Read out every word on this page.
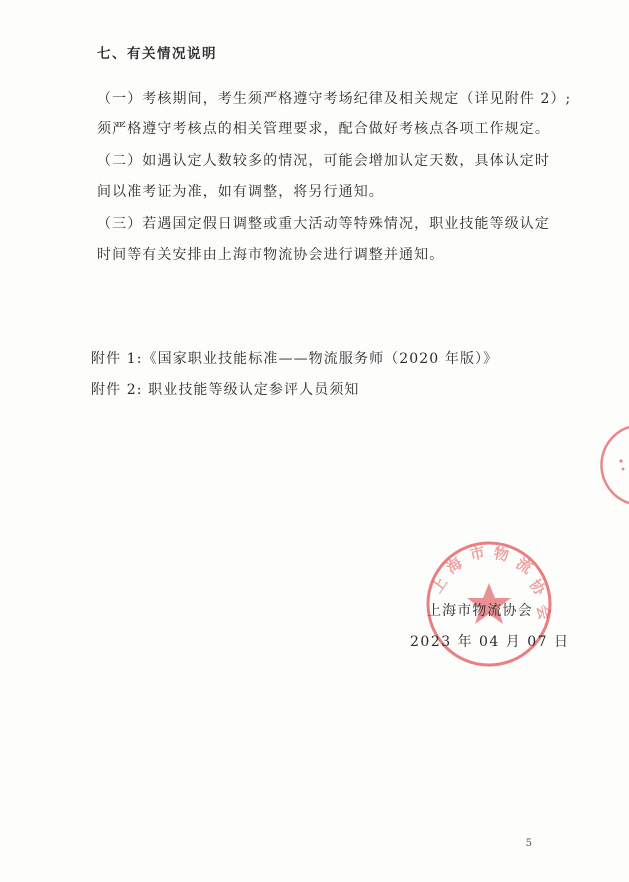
七、有关情况说明
（一）考核期间，考生须严格遵守考场纪律及相关规定（详见附件 2）;
须严格遵守考核点的相关管理要求，配合做好考核点各项工作规定。
（二）如遇认定人数较多的情况，可能会增加认定天数，具体认定时
间以准考证为准，如有调整，将另行通知。
（三）若遇国定假日调整或重大活动等特殊情况，职业技能等级认定
时间等有关安排由上海市物流协会进行调整并通知。
附件 1:《国家职业技能标准——物流服务师（2020 年版）》
附件 2: 职业技能等级认定参评人员须知
上
海
市 物 流
协
会
上海市物流协会
2023 年 04 月 07 日
5
